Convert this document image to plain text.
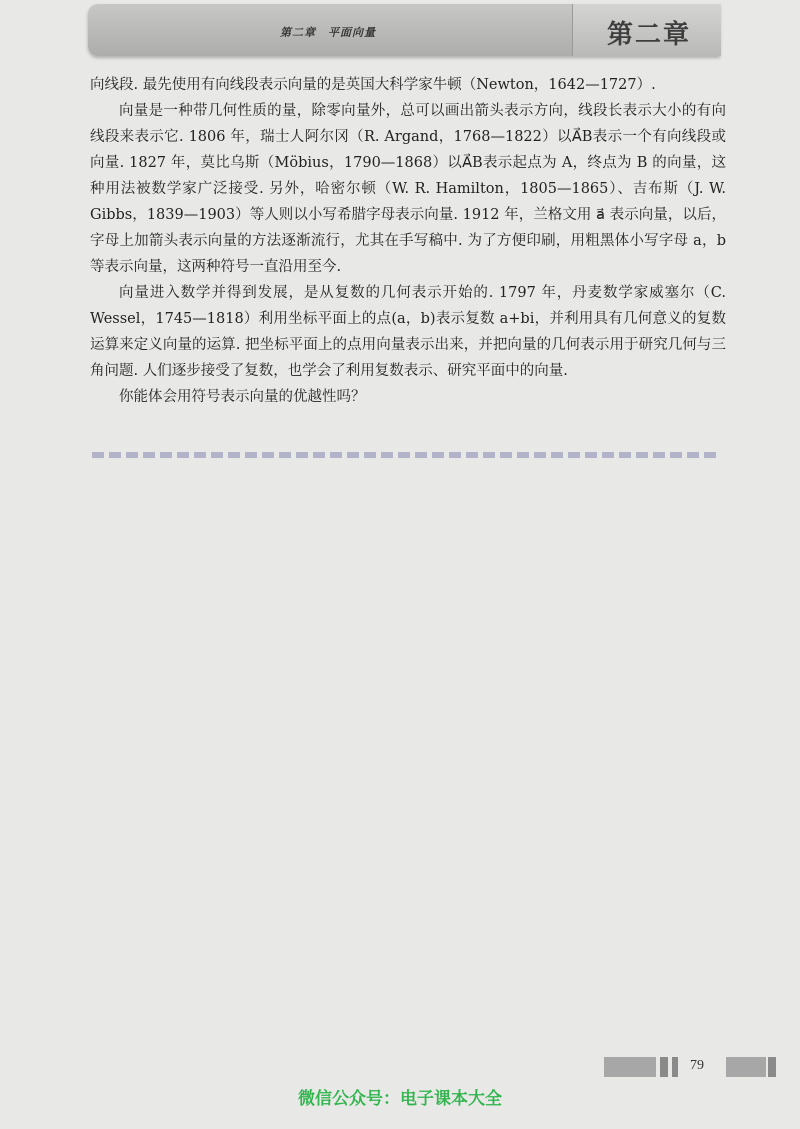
第二章　平面向量	第二章

向线段. 最先使用有向线段表示向量的是英国大科学家牛顿（Newton，1642—1727）.

向量是一种带几何性质的量，除零向量外，总可以画出箭头表示方向，线段长表示大小的有向线段来表示它. 1806 年，瑞士人阿尔冈（R. Argand，1768—1822）以A⃗B表示一个有向线段或向量. 1827 年，莫比乌斯（Möbius，1790—1868）以A⃗B表示起点为 A，终点为 B 的向量，这种用法被数学家广泛接受. 另外，哈密尔顿（W. R. Hamilton，1805—1865）、吉布斯（J. W. Gibbs，1839—1903）等人则以小写希腊字母表示向量. 1912 年，兰格文用 a⃗ 表示向量，以后，字母上加箭头表示向量的方法逐渐流行，尤其在手写稿中. 为了方便印刷，用粗黑体小写字母 a，b 等表示向量，这两种符号一直沿用至今.

向量进入数学并得到发展，是从复数的几何表示开始的. 1797 年，丹麦数学家威塞尔（C. Wessel，1745—1818）利用坐标平面上的点(a，b)表示复数 a+bi，并利用具有几何意义的复数运算来定义向量的运算. 把坐标平面上的点用向量表示出来，并把向量的几何表示用于研究几何与三角问题. 人们逐步接受了复数，也学会了利用复数表示、研究平面中的向量.

你能体会用符号表示向量的优越性吗？

79
微信公众号：电子课本大全
